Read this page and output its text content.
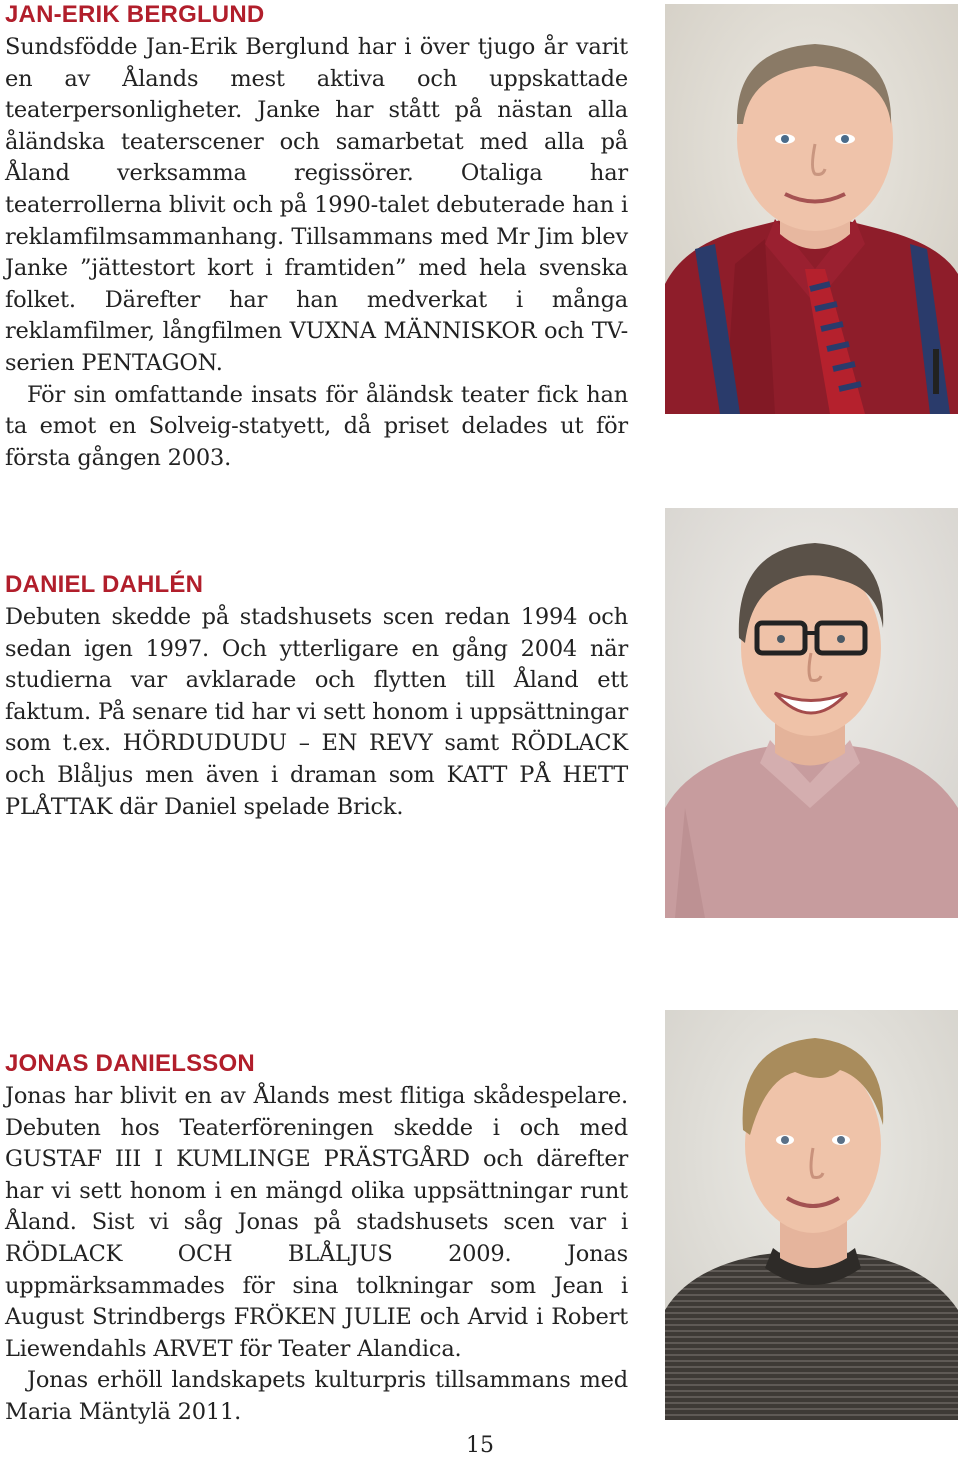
JAN-ERIK BERGLUND

Sundsfödde Jan-Erik Berglund har i över tjugo år varit en av Ålands mest aktiva och uppskattade teaterpersonligheter. Janke har stått på nästan alla åländska teaterscener och samarbetat med alla på Åland verksamma regissörer. Otaliga har teaterrollerna blivit och på 1990-talet debuterade han i reklamfilmsammanhang. Tillsammans med Mr Jim blev Janke ”jättestort kort i framtiden” med hela svenska folket. Därefter har han medverkat i många reklamfilmer, långfilmen VUXNA MÄNNISKOR och TV-serien PENTAGON.

För sin omfattande insats för åländsk teater fick han ta emot en Solveig-statyett, då priset delades ut för första gången 2003.

DANIEL DAHLÉN

Debuten skedde på stadshusets scen redan 1994 och sedan igen 1997. Och ytterligare en gång 2004 när studierna var avklarade och flytten till Åland ett faktum. På senare tid har vi sett honom i uppsättningar som t.ex. HÖRDUDUDU – EN REVY samt RÖDLACK och Blåljus men även i draman som KATT PÅ HETT PLÅTTAK där Daniel spelade Brick.

JONAS DANIELSSON

Jonas har blivit en av Ålands mest flitiga skådespelare. Debuten hos Teaterföreningen skedde i och med GUSTAF III I KUMLINGE PRÄSTGÅRD och därefter har vi sett honom i en mängd olika uppsättningar runt Åland. Sist vi såg Jonas på stadshusets scen var i RÖDLACK OCH BLÅLJUS 2009. Jonas uppmärksammades för sina tolkningar som Jean i August Strindbergs FRÖKEN JULIE och Arvid i Robert Liewendahls ARVET för Teater Alandica.

Jonas erhöll landskapets kulturpris tillsammans med Maria Mäntylä 2011.

15
